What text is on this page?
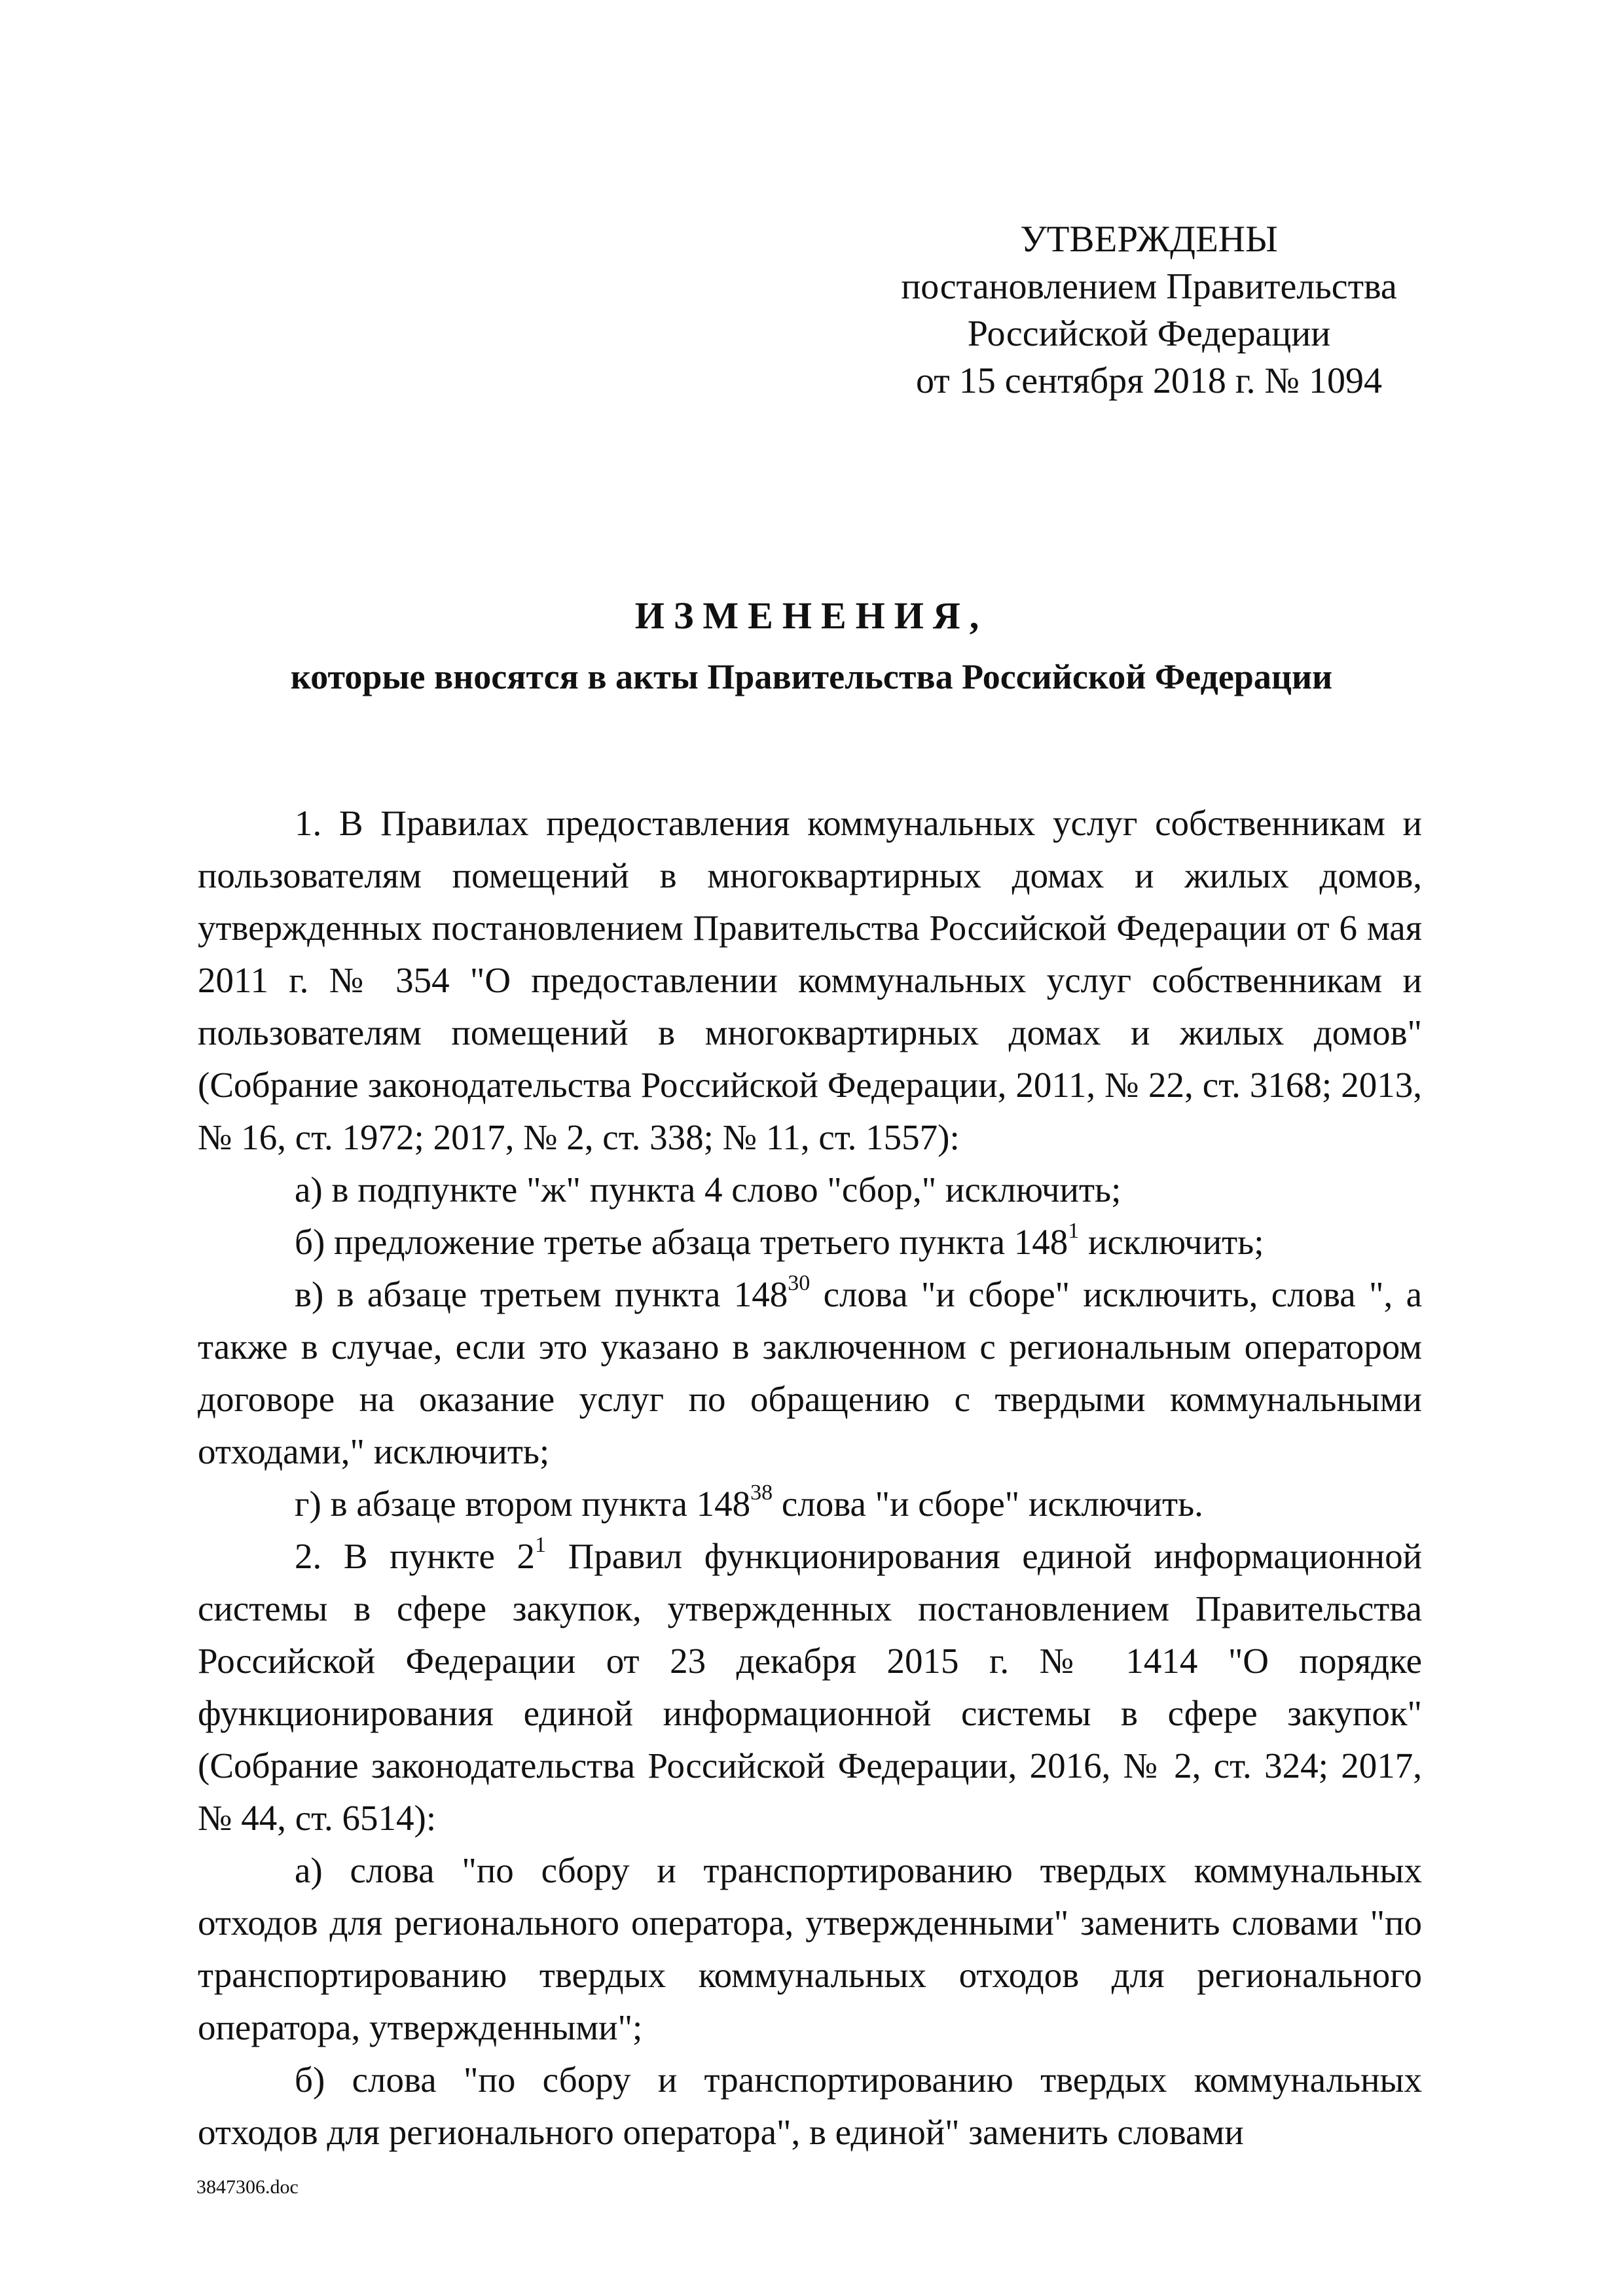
УТВЕРЖДЕНЫ
постановлением Правительства
Российской Федерации
от 15 сентября 2018 г. № 1094
ИЗМЕНЕНИЯ,
которые вносятся в акты Правительства Российской Федерации

1. В Правилах предоставления коммунальных услуг собственникам и пользователям помещений в многоквартирных домах и жилых домов, утвержденных постановлением Правительства Российской Федерации от 6 мая 2011 г. № 354 "О предоставлении коммунальных услуг собственникам и пользователям помещений в многоквартирных домах и жилых домов" (Собрание законодательства Российской Федерации, 2011, № 22, ст. 3168; 2013, № 16, ст. 1972; 2017, № 2, ст. 338; № 11, ст. 1557):

а) в подпункте "ж" пункта 4 слово "сбор," исключить;

б) предложение третье абзаца третьего пункта $148^1$ исключить;

в) в абзаце третьем пункта $148^{30}$ слова "и сборе" исключить, слова ", а также в случае, если это указано в заключенном с региональным оператором договоре на оказание услуг по обращению с твердыми коммунальными отходами," исключить;

г) в абзаце втором пункта $148^{38}$ слова "и сборе" исключить.

2. В пункте $2^1$ Правил функционирования единой информационной системы в сфере закупок, утвержденных постановлением Правительства Российской Федерации от 23 декабря 2015 г. № 1414 "О порядке функционирования единой информационной системы в сфере закупок" (Собрание законодательства Российской Федерации, 2016, № 2, ст. 324; 2017, № 44, ст. 6514):

а) слова "по сбору и транспортированию твердых коммунальных отходов для регионального оператора, утвержденными" заменить словами "по транспортированию твердых коммунальных отходов для регионального оператора, утвержденными";

б) слова "по сбору и транспортированию твердых коммунальных отходов для регионального оператора", в единой" заменить словами

3847306.doc
